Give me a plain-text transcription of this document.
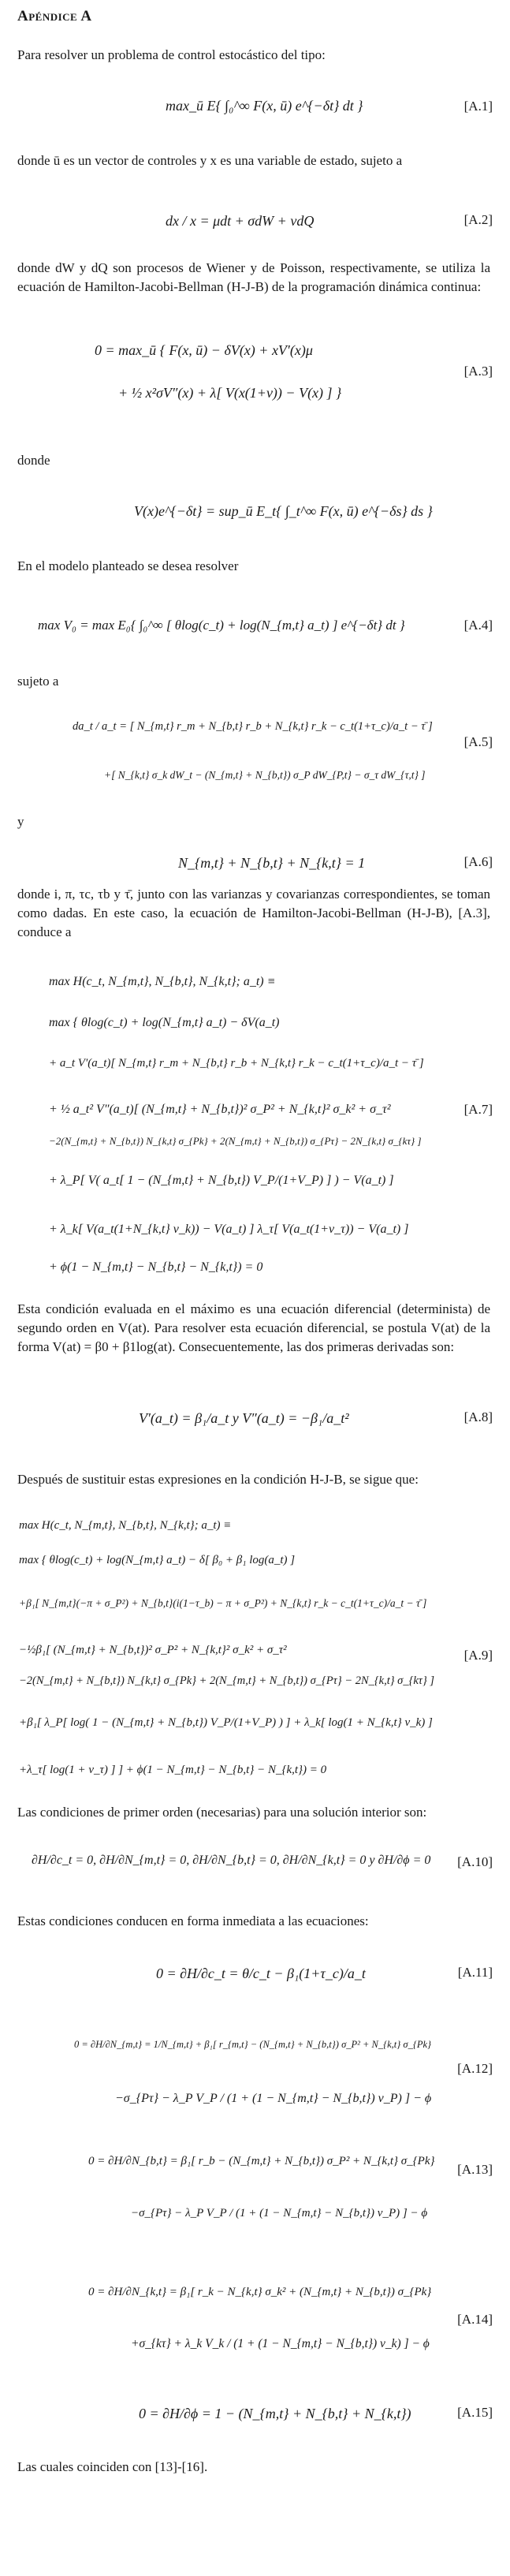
Apéndice A
Para resolver un problema de control estocástico del tipo:
max_ū E{ ∫₀^∞ F(x, ū) e^{−δt} dt }	[A.1]
donde ū es un vector de controles y x es una variable de estado, sujeto a
dx / x = μdt + σdW + νdQ	[A.2]
donde dW y dQ son procesos de Wiener y de Poisson, respectivamente, se utiliza la ecuación de Hamilton-Jacobi-Bellman (H-J-B) de la programación dinámica continua:
0 = max_ū { F(x, ū) − δV(x) + xV′(x)μ
+ ½ x²σV″(x) + λ[ V(x(1+ν)) − V(x) ] }
[A.3]
donde
V(x)e^{−δt} = sup_ū E_t{ ∫_t^∞ F(x, ū) e^{−δs} ds }
En el modelo planteado se desea resolver
max V₀ = max E₀{ ∫₀^∞ [ θlog(c_t) + log(N_{m,t} a_t) ] e^{−δt} dt }	[A.4]
sujeto a
da_t / a_t = [ N_{m,t} r_m + N_{b,t} r_b + N_{k,t} r_k − c_t(1+τ_c)/a_t − τ̄ ]
+[ N_{k,t} σ_k dW_t − (N_{m,t} + N_{b,t}) σ_P dW_{P,t} − σ_τ dW_{τ,t} ]
[A.5]
y
N_{m,t} + N_{b,t} + N_{k,t} = 1	[A.6]
donde i, π, τc, τb y τ̄, junto con las varianzas y covarianzas correspondientes, se toman como dadas. En este caso, la ecuación de Hamilton-Jacobi-Bellman (H-J-B), [A.3], conduce a
max H(c_t, N_{m,t}, N_{b,t}, N_{k,t}; a_t) ≡
max { θlog(c_t) + log(N_{m,t} a_t) − δV(a_t)
+ a_t V′(a_t)[ N_{m,t} r_m + N_{b,t} r_b + N_{k,t} r_k − c_t(1+τ_c)/a_t − τ̄ ]
+ ½ a_t² V″(a_t)[ (N_{m,t} + N_{b,t})² σ_P² + N_{k,t}² σ_k² + σ_τ²
−2(N_{m,t} + N_{b,t}) N_{k,t} σ_{Pk} + 2(N_{m,t} + N_{b,t}) σ_{Pτ} − 2N_{k,t} σ_{kτ} ]
+ λ_P[ V( a_t[ 1 − (N_{m,t} + N_{b,t}) V_P/(1+V_P) ] ) − V(a_t) ]
+ λ_k[ V(a_t(1+N_{k,t} ν_k)) − V(a_t) ] λ_τ[ V(a_t(1+ν_τ)) − V(a_t) ]
+ ϕ(1 − N_{m,t} − N_{b,t} − N_{k,t}) = 0
[A.7]
Esta condición evaluada en el máximo es una ecuación diferencial (determinista) de segundo orden en V(at). Para resolver esta ecuación diferencial, se postula V(at) de la forma V(at) = β0 + β1log(at). Consecuentemente, las dos primeras derivadas son:
V′(a_t) = β₁/a_t y V″(a_t) = −β₁/a_t²	[A.8]
Después de sustituir estas expresiones en la condición H-J-B, se sigue que:
max H(c_t, N_{m,t}, N_{b,t}, N_{k,t}; a_t) ≡
max { θlog(c_t) + log(N_{m,t} a_t) − δ[ β₀ + β₁ log(a_t) ]
+β₁[ N_{m,t}(−π + σ_P²) + N_{b,t}(i(1−τ_b) − π + σ_P²) + N_{k,t} r_k − c_t(1+τ_c)/a_t − τ̄ ]
−½β₁[ (N_{m,t} + N_{b,t})² σ_P² + N_{k,t}² σ_k² + σ_τ²
−2(N_{m,t} + N_{b,t}) N_{k,t} σ_{Pk} + 2(N_{m,t} + N_{b,t}) σ_{Pτ} − 2N_{k,t} σ_{kτ} ]
+β₁[ λ_P[ log( 1 − (N_{m,t} + N_{b,t}) V_P/(1+V_P) ) ] + λ_k[ log(1 + N_{k,t} ν_k) ]
+λ_τ[ log(1 + ν_τ) ] ] + ϕ(1 − N_{m,t} − N_{b,t} − N_{k,t}) = 0
[A.9]
Las condiciones de primer orden (necesarias) para una solución interior son:
∂H/∂c_t = 0, ∂H/∂N_{m,t} = 0, ∂H/∂N_{b,t} = 0, ∂H/∂N_{k,t} = 0 y ∂H/∂ϕ = 0 [A.10]
Estas condiciones conducen en forma inmediata a las ecuaciones:
0 = ∂H/∂c_t = θ/c_t − β₁(1+τ_c)/a_t	[A.11]
0 = ∂H/∂N_{m,t} = 1/N_{m,t} + β₁[ r_{m,t} − (N_{m,t} + N_{b,t}) σ_P² + N_{k,t} σ_{Pk}
−σ_{Pτ} − λ_P V_P / (1 + (1 − N_{m,t} − N_{b,t}) ν_P) ] − ϕ
[A.12]
0 = ∂H/∂N_{b,t} = β₁[ r_b − (N_{m,t} + N_{b,t}) σ_P² + N_{k,t} σ_{Pk}
−σ_{Pτ} − λ_P V_P / (1 + (1 − N_{m,t} − N_{b,t}) ν_P) ] − ϕ
[A.13]
0 = ∂H/∂N_{k,t} = β₁[ r_k − N_{k,t} σ_k² + (N_{m,t} + N_{b,t}) σ_{Pk}
+σ_{kτ} + λ_k V_k / (1 + (1 − N_{m,t} − N_{b,t}) ν_k) ] − ϕ
[A.14]
0 = ∂H/∂ϕ = 1 − (N_{m,t} + N_{b,t} + N_{k,t})	[A.15]
Las cuales coinciden con [13]-[16].
